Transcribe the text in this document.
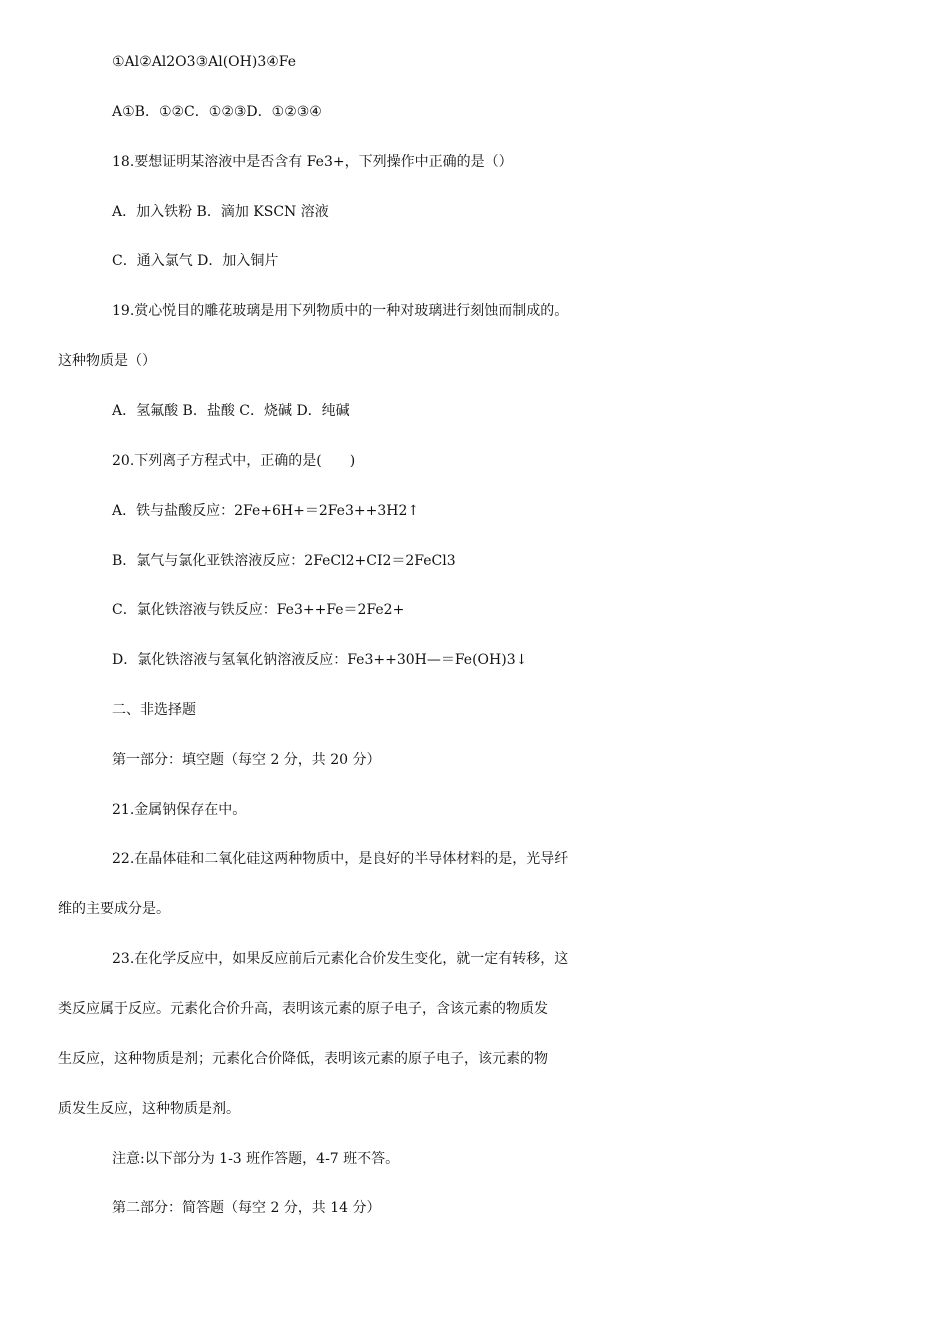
①Al②Al2O3③Al(OH)3④Fe
A①B．①②C．①②③D．①②③④
18.要想证明某溶液中是否含有 Fe3+，下列操作中正确的是（）
A．加入铁粉 B．滴加 KSCN 溶液
C．通入氯气 D．加入铜片
19.赏心悦目的雕花玻璃是用下列物质中的一种对玻璃进行刻蚀而制成的。
这种物质是（）
A．氢氟酸 B．盐酸 C．烧碱 D．纯碱
20.下列离子方程式中，正确的是(　　)
A．铁与盐酸反应：2Fe+6H+＝2Fe3++3H2↑
B．氯气与氯化亚铁溶液反应：2FeCl2+CI2＝2FeCl3
C．氯化铁溶液与铁反应：Fe3++Fe＝2Fe2+
D．氯化铁溶液与氢氧化钠溶液反应：Fe3++30H—＝Fe(OH)3↓
二、非选择题
第一部分：填空题（每空 2 分，共 20 分）
21.金属钠保存在中。
22.在晶体硅和二氧化硅这两种物质中，是良好的半导体材料的是，光导纤
维的主要成分是。
23.在化学反应中，如果反应前后元素化合价发生变化，就一定有转移，这
类反应属于反应。元素化合价升高，表明该元素的原子电子，含该元素的物质发
生反应，这种物质是剂；元素化合价降低，表明该元素的原子电子，该元素的物
质发生反应，这种物质是剂。
注意:以下部分为 1-3 班作答题，4-7 班不答。
第二部分：简答题（每空 2 分，共 14 分）
